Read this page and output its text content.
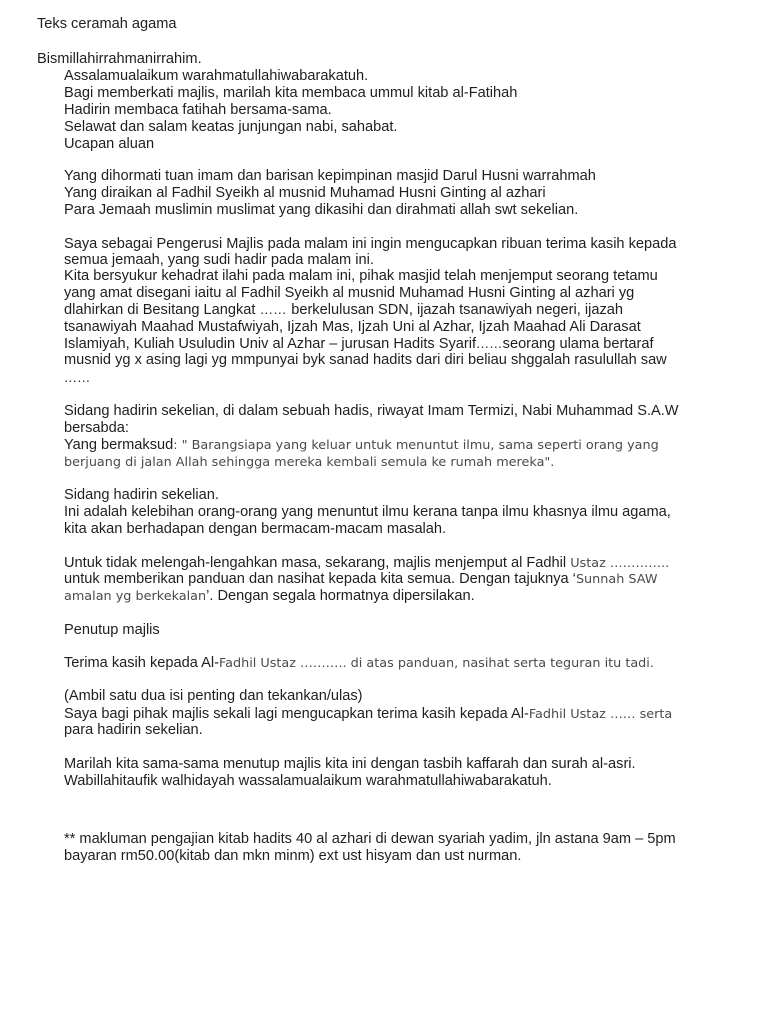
Teks ceramah agama
Bismillahirrahmanirrahim.
Assalamualaikum warahmatullahiwabarakatuh.
Bagi memberkati majlis, marilah kita membaca ummul kitab al-Fatihah
Hadirin membaca fatihah bersama-sama.
Selawat dan salam keatas junjungan nabi, sahabat.
Ucapan aluan
Yang dihormati tuan imam dan barisan kepimpinan masjid Darul Husni warrahmah
Yang diraikan al Fadhil Syeikh al musnid Muhamad Husni Ginting al azhari
Para Jemaah muslimin muslimat yang dikasihi dan dirahmati allah swt sekelian.
Saya sebagai Pengerusi Majlis pada malam ini ingin mengucapkan ribuan terima kasih kepada
semua jemaah, yang sudi hadir pada malam ini.
Kita bersyukur kehadrat ilahi pada malam ini, pihak masjid telah menjemput seorang tetamu
yang amat disegani iaitu al Fadhil Syeikh al musnid Muhamad Husni Ginting al azhari yg
dlahirkan di Besitang Langkat …… berkelulusan SDN, ijazah tsanawiyah negeri, ijazah
tsanawiyah Maahad Mustafwiyah, Ijzah Mas, Ijzah Uni al Azhar, Ijzah Maahad Ali Darasat
Islamiyah, Kuliah Usuludin Univ al Azhar – jurusan Hadits Syarif……seorang ulama bertaraf
musnid yg x asing lagi yg mmpunyai byk sanad hadits dari diri beliau shggalah rasulullah saw
……
Sidang hadirin sekelian, di dalam sebuah hadis, riwayat Imam Termizi, Nabi Muhammad S.A.W
bersabda:
Yang bermaksud: " Barangsiapa yang keluar untuk menuntut ilmu, sama seperti orang yang
berjuang di jalan Allah sehingga mereka kembali semula ke rumah mereka".
Sidang hadirin sekelian.
Ini adalah kelebihan orang-orang yang menuntut ilmu kerana tanpa ilmu khasnya ilmu agama,
kita akan berhadapan dengan bermacam-macam masalah.
Untuk tidak melengah-lengahkan masa, sekarang, majlis menjemput al Fadhil Ustaz …………..
untuk memberikan panduan dan nasihat kepada kita semua. Dengan tajuknya ‘Sunnah SAW
amalan yg berkekalan’. Dengan segala hormatnya dipersilakan.
Penutup majlis
Terima kasih kepada Al-Fadhil Ustaz ……….. di atas panduan, nasihat serta teguran itu tadi.
(Ambil satu dua isi penting dan tekankan/ulas)
Saya bagi pihak majlis sekali lagi mengucapkan terima kasih kepada Al-Fadhil Ustaz …… serta
para hadirin sekelian.
Marilah kita sama-sama menutup majlis kita ini dengan tasbih kaffarah dan surah al-asri.
Wabillahitaufik walhidayah wassalamualaikum warahmatullahiwabarakatuh.
** makluman pengajian kitab hadits 40 al azhari di dewan syariah yadim, jln astana 9am – 5pm
bayaran rm50.00(kitab dan mkn minm) ext ust hisyam dan ust nurman.
